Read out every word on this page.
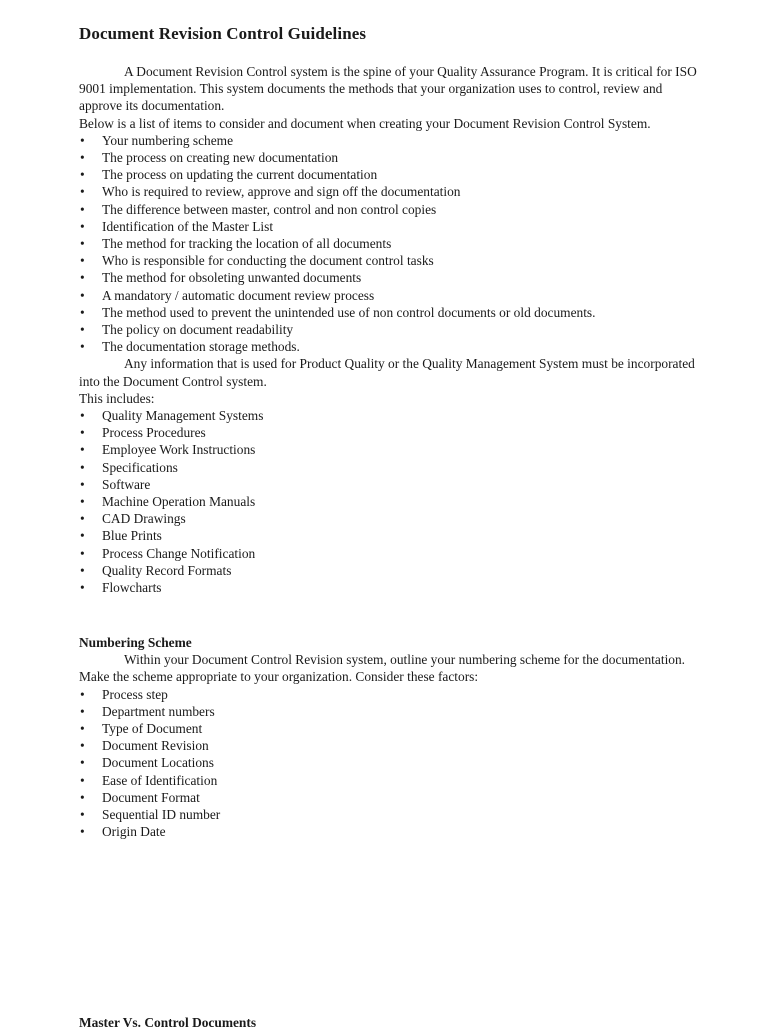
Document Revision Control Guidelines

A Document Revision Control system is the spine of your Quality Assurance Program. It is critical for ISO 9001 implementation. This system documents the methods that your organization uses to control, review and approve its documentation.

Below is a list of items to consider and document when creating your Document Revision Control System.

• Your numbering scheme
• The process on creating new documentation
• The process on updating the current documentation
• Who is required to review, approve and sign off the documentation
• The difference between master, control and non control copies
• Identification of the Master List
• The method for tracking the location of all documents
• Who is responsible for conducting the document control tasks
• The method for obsoleting unwanted documents
• A mandatory / automatic document review process
• The method used to prevent the unintended use of non control documents or old documents.
• The policy on document readability
• The documentation storage methods.

Any information that is used for Product Quality or the Quality Management System must be incorporated into the Document Control system.

This includes:

• Quality Management Systems
• Process Procedures
• Employee Work Instructions
• Specifications
• Software
• Machine Operation Manuals
• CAD Drawings
• Blue Prints
• Process Change Notification
• Quality Record Formats
• Flowcharts

Numbering Scheme

Within your Document Control Revision system, outline your numbering scheme for the documentation. Make the scheme appropriate to your organization. Consider these factors:

• Process step
• Department numbers
• Type of Document
• Document Revision
• Document Locations
• Ease of Identification
• Document Format
• Sequential ID number
• Origin Date
Master Vs. Control Documents
